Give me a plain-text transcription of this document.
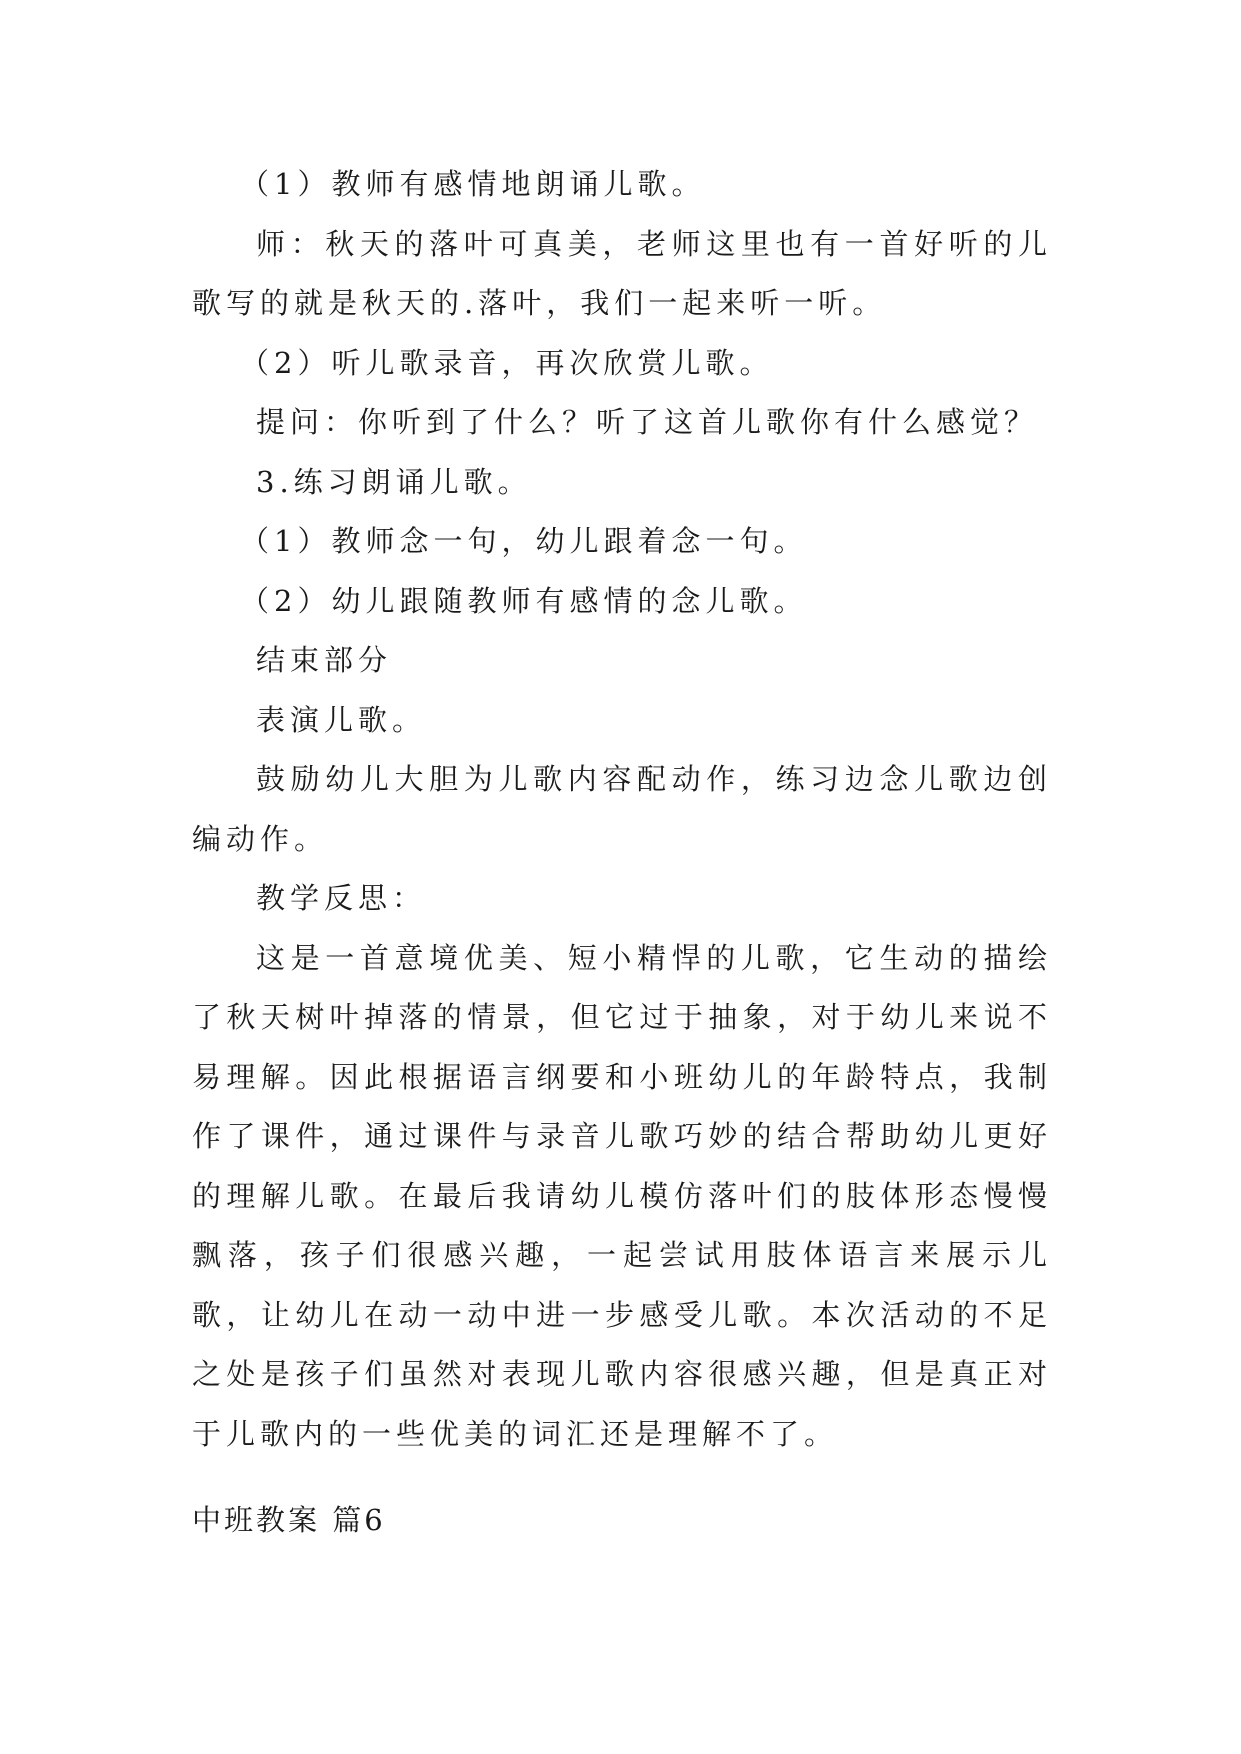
（1）教师有感情地朗诵儿歌。

师：秋天的落叶可真美，老师这里也有一首好听的儿歌写的就是秋天的.落叶，我们一起来听一听。

（2）听儿歌录音，再次欣赏儿歌。

提问：你听到了什么？听了这首儿歌你有什么感觉？

3.练习朗诵儿歌。

（1）教师念一句，幼儿跟着念一句。

（2）幼儿跟随教师有感情的念儿歌。

结束部分

表演儿歌。

鼓励幼儿大胆为儿歌内容配动作，练习边念儿歌边创编动作。

教学反思：

这是一首意境优美、短小精悍的儿歌，它生动的描绘了秋天树叶掉落的情景，但它过于抽象，对于幼儿来说不易理解。因此根据语言纲要和小班幼儿的年龄特点，我制作了课件，通过课件与录音儿歌巧妙的结合帮助幼儿更好的理解儿歌。在最后我请幼儿模仿落叶们的肢体形态慢慢飘落，孩子们很感兴趣，一起尝试用肢体语言来展示儿歌，让幼儿在动一动中进一步感受儿歌。本次活动的不足之处是孩子们虽然对表现儿歌内容很感兴趣，但是真正对于儿歌内的一些优美的词汇还是理解不了。

中班教案 篇6
